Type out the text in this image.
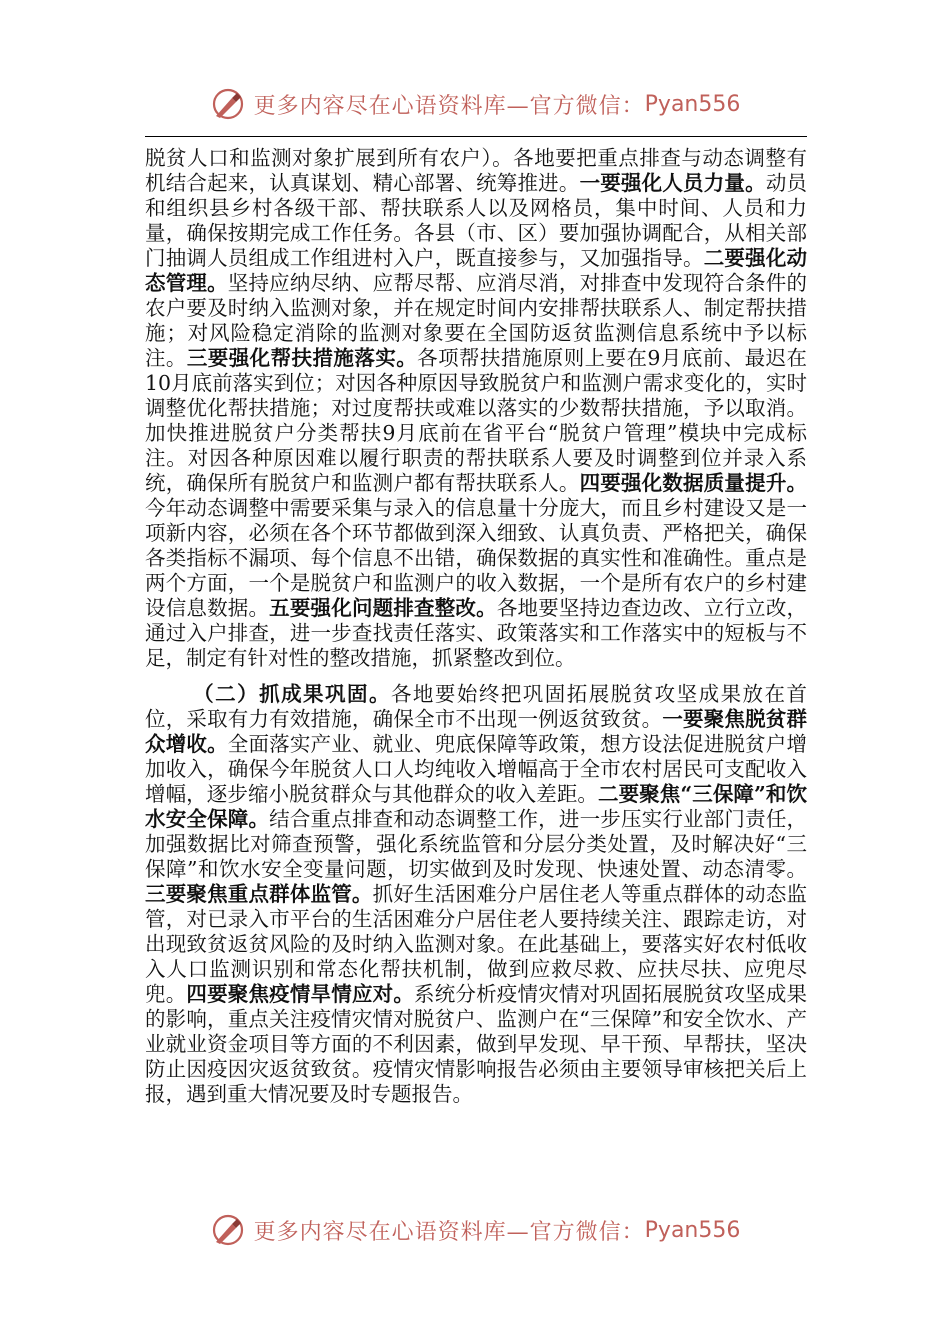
更多内容尽在心语资料库—官方微信： Pyan556

脱贫人口和监测对象扩展到所有农户）。各地要把重点排查与动态调整有机结合起来，认真谋划、精心部署、统筹推进。一要强化人员力量。动员和组织县乡村各级干部、帮扶联系人以及网格员，集中时间、人员和力量，确保按期完成工作任务。各县（市、区）要加强协调配合，从相关部门抽调人员组成工作组进村入户，既直接参与，又加强指导。二要强化动态管理。坚持应纳尽纳、应帮尽帮、应消尽消，对排查中发现符合条件的农户要及时纳入监测对象，并在规定时间内安排帮扶联系人、制定帮扶措施；对风险稳定消除的监测对象要在全国防返贫监测信息系统中予以标注。三要强化帮扶措施落实。各项帮扶措施原则上要在9月底前、最迟在10月底前落实到位；对因各种原因导致脱贫户和监测户需求变化的，实时调整优化帮扶措施；对过度帮扶或难以落实的少数帮扶措施，予以取消。加快推进脱贫户分类帮扶9月底前在省平台“脱贫户管理”模块中完成标注。对因各种原因难以履行职责的帮扶联系人要及时调整到位并录入系统，确保所有脱贫户和监测户都有帮扶联系人。四要强化数据质量提升。今年动态调整中需要采集与录入的信息量十分庞大，而且乡村建设又是一项新内容，必须在各个环节都做到深入细致、认真负责、严格把关，确保各类指标不漏项、每个信息不出错，确保数据的真实性和准确性。重点是两个方面，一个是脱贫户和监测户的收入数据，一个是所有农户的乡村建设信息数据。五要强化问题排查整改。各地要坚持边查边改、立行立改，通过入户排查，进一步查找责任落实、政策落实和工作落实中的短板与不足，制定有针对性的整改措施，抓紧整改到位。

（二）抓成果巩固。各地要始终把巩固拓展脱贫攻坚成果放在首位，采取有力有效措施，确保全市不出现一例返贫致贫。一要聚焦脱贫群众增收。全面落实产业、就业、兜底保障等政策，想方设法促进脱贫户增加收入，确保今年脱贫人口人均纯收入增幅高于全市农村居民可支配收入增幅，逐步缩小脱贫群众与其他群众的收入差距。二要聚焦“三保障”和饮水安全保障。结合重点排查和动态调整工作，进一步压实行业部门责任，加强数据比对筛查预警，强化系统监管和分层分类处置，及时解决好“三保障”和饮水安全变量问题，切实做到及时发现、快速处置、动态清零。三要聚焦重点群体监管。抓好生活困难分户居住老人等重点群体的动态监管，对已录入市平台的生活困难分户居住老人要持续关注、跟踪走访，对出现致贫返贫风险的及时纳入监测对象。在此基础上，要落实好农村低收入人口监测识别和常态化帮扶机制，做到应救尽救、应扶尽扶、应兜尽兜。四要聚焦疫情旱情应对。系统分析疫情灾情对巩固拓展脱贫攻坚成果的影响，重点关注疫情灾情对脱贫户、监测户在“三保障”和安全饮水、产业就业资金项目等方面的不利因素，做到早发现、早干预、早帮扶，坚决防止因疫因灾返贫致贫。疫情灾情影响报告必须由主要领导审核把关后上报，遇到重大情况要及时专题报告。

更多内容尽在心语资料库—官方微信： Pyan556
